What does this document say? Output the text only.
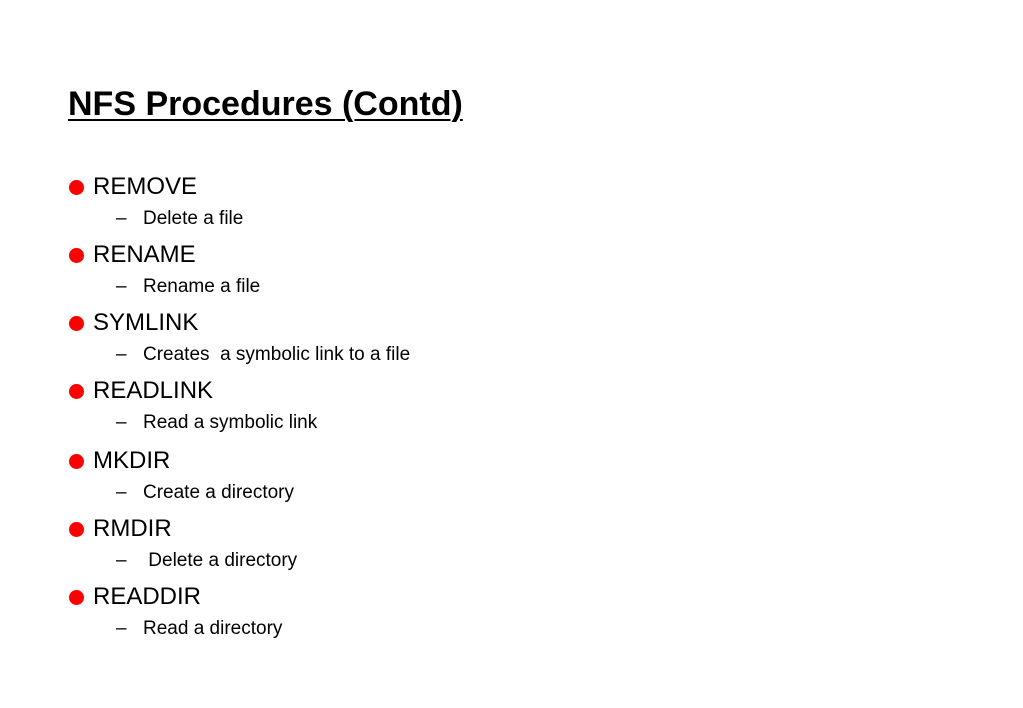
NFS Procedures (Contd)
REMOVE
– Delete a file
RENAME
– Rename a file
SYMLINK
– Creates  a symbolic link to a file
READLINK
– Read a symbolic link
MKDIR
– Create a directory
RMDIR
– Delete a directory
READDIR
– Read a directory
